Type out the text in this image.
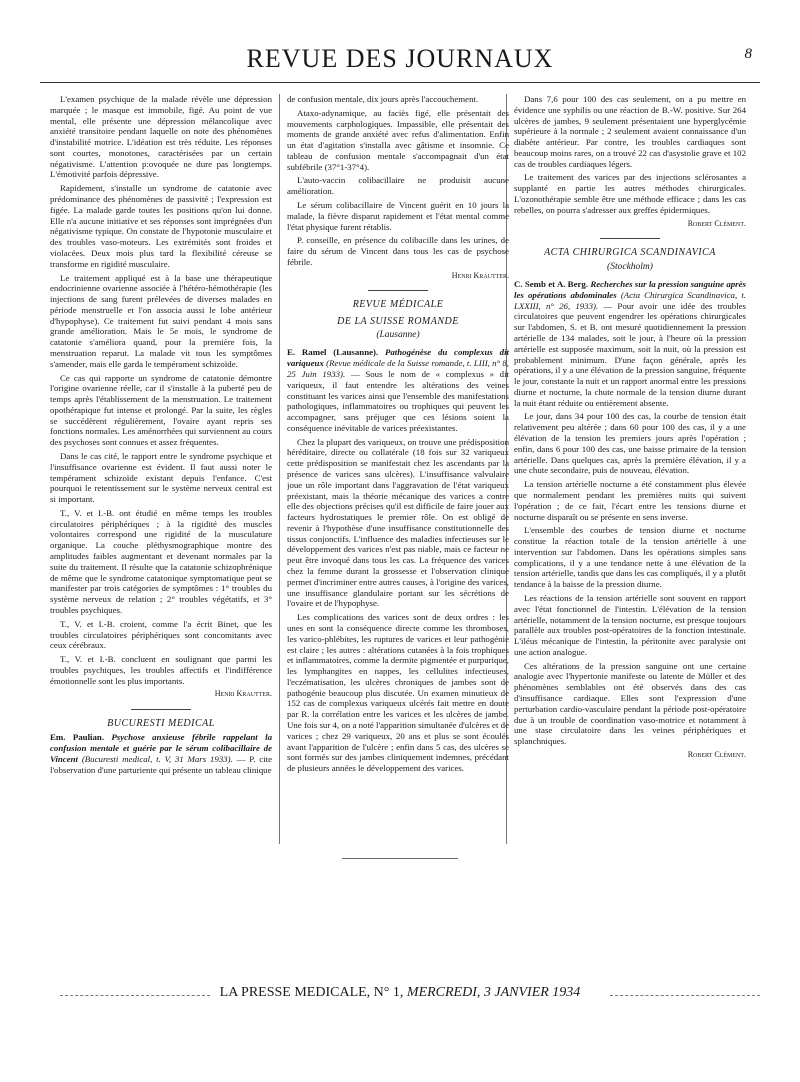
REVUE DES JOURNAUX	8

L'examen psychique de la malade révèle une dépression marquée ; le masque est immobile, figé. Au point de vue mental, elle présente une dépression mélancolique avec anxiété transitoire pendant laquelle on note des phénomènes d'instabilité motrice. L'idéation est très réduite. Les réponses sont courtes, monotones, caractérisées par un certain négativisme. L'attention p:ovoquée ne dure pas longtemps. L'émotivité parfois dépressive.

Rapidement, s'installe un syndrome de catatonie avec prédominance des phénomènes de passivité ; l'expression est figée. La malade garde toutes les positions qu'on lui donne. Elle n'a aucune initiative et ses réponses sont imprégnées d'un négativisme typique. On constate de l'hypotonie musculaire et des troubles vaso-moteurs. Les extrémités sont froides et violacées. Deux mois plus tard la flexibilité céreuse se transforme en rigidité musculaire.

Le traitement appliqué est à la base une thérapeutique endocrinienne ovarienne associée à l'hétéro-hémothérapie (les injections de sang furent prélevées de diverses malades en période menstruelle et l'on associa aussi le lobe antérieur d'hypophyse). Ce traitement fut suivi pendant 4 mois sans grande amélioration. Mais le 5e mois, le syndrome de catatonie s'améliora quand, pour la première fois, la menstruation reparut. La malade vit tous les symptômes s'amender, mais elle garda le tempérament schizoïde.

Ce cas qui rapporte un syndrome de catatonie démontre l'origine ovarienne réelle, car il s'installe à la puberté peu de temps après l'établissement de la menstruation. Le traitement opothérapique fut intense et prolongé. Par la suite, les règles se succédèrent régulièrement, l'ovaire ayant repris ses fonctions normales. Les aménorrhées qui surviennent au cours des psychoses sont connues et assez fréquentes.

Dans le cas cité, le rapport entre le syndrome psychique et l'insuffisance ovarienne est évident. Il faut aussi noter le tempérament schizoïde existant depuis l'enfance. C'est pourquoi le retentissement sur le système nerveux central est si important.

T., V. et I.-B. ont étudié en même temps les troubles circulatoires périphériques ; à la rigidité des muscles volontaires correspond une rigidité de la musculature organique. La couche pléthysmographique montre des amplitudes faibles augmentant et devenant normales par la suite du traitement. Il résulte que la catatonie schizophrénique de même que le syndrome catatonique symptomatique peut se manifester par trois catégories de symptômes : 1° troubles du système nerveux de relation ; 2° troubles végétatifs, et 3° troubles psychiques.

T., V. et I.-B. croient, comme l'a écrit Binet, que les troubles circulatoires périphériques sont concomitants avec ceux cérébraux.

T., V. et I.-B. concluent en soulignant que parmi les troubles psychiques, les troubles affectifs et l'indifférence émotionnelle sont les plus importants.

Henri Krautter.
BUCURESTI MEDICAL

Em. Paulian. Psychose anxieuse fébrile rappelant la confusion mentale et guérie par le sérum colibacillaire de Vincent (Bucuresti medical, t. V, 31 Mars 1933). — P. cite l'observation d'une parturiente qui présente un tableau clinique

de confusion mentale, dix jours après l'accouchement.

Ataxo-adynamique, au faciès figé, elle présentait des mouvements carphologiques. Impassible, elle présentait des moments de grande anxiété avec refus d'alimentation. Enfin un état d'agitation s'installa avec gâtisme et insomnie. Ce tableau de confusion mentale s'accompagnait d'un état subfébrile (37°1-37°4).

L'auto-vaccin colibacillaire ne produisit aucune amélioration.

Le sérum colibacillaire de Vincent guérit en 10 jours la malade, la fièvre disparut rapidement et l'état mental comme l'état physique furent rétablis.

P. conseille, en présence du colibacille dans les urines, de faire du sérum de Vincent dans tous les cas de psychose fébrile.

Henri Krautter.
REVUE MÉDICALE
DE LA SUISSE ROMANDE
(Lausanne)

E. Ramel (Lausanne). Pathogénèse du complexus dit variqueux (Revue médicale de la Suisse romande, t. LIII, n° 8, 25 Juin 1933). — Sous le nom de « complexus » dit variqueux, il faut entendre les altérations des veines constituant les varices ainsi que l'ensemble des manifestations pathologiques, inflammatoires ou trophiques qui peuvent les accompagner, sans préjuger que ces lésions soient la conséquence inévitable de varices préexistantes.

Chez la plupart des variqueux, on trouve une prédisposition héréditaire, directe ou collatérale (18 fois sur 32 variqueux cette prédisposition se manifestait chez les ascendants par la présence de varices sans ulcères). L'insuffisance valvulaire joue un rôle important dans l'aggravation de l'état variqueux préexistant, mais la théorie mécanique des varices a contre elle des objections précises qu'il est difficile de faire jouer aux facteurs hydrostatiques le premier rôle. On est obligé de revenir à l'hypothèse d'une insuffisance constitutionnelle des tissus conjonctifs. L'influence des maladies infectieuses sur le développement des varices n'est pas niable, mais ce facteur ne peut être invoqué dans tous les cas. La fréquence des varices chez la femme durant la grossesse et l'observation clinique permet d'incriminer entre autres causes, à l'origine des varices, une insuffisance glandulaire portant sur les sécrétions de l'ovaire et de l'hypophyse.

Les complications des varices sont de deux ordres : les unes en sont la conséquence directe comme les thromboses, les varico-phlébites, les ruptures de varices et leur pathogénie est claire ; les autres : altérations cutanées à la fois trophiques et inflammatoires, comme la dermite pigmentée et purpurique, les lymphangites en nappes, les cellulites infectieuses, l'eczématisation, les ulcères chroniques de jambes sont de pathogénie beaucoup plus discutée. Un examen minutieux de 152 cas de complexus variqueux ulcérés fait mettre en doute par R. la corrélation entre les varices et les ulcères de jambe. Une fois sur 4, on a noté l'apparition simultanée d'ulcères et de varices ; chez 29 variqueux, 20 ans et plus se sont écoulés avant l'apparition de l'ulcère ; enfin dans 5 cas, des ulcères se sont formés sur des jambes cliniquement indemnes, précédant de plusieurs années le développement des varices.

Dans 7,6 pour 100 des cas seulement, on a pu mettre en évidence une syphilis ou une réaction de B.-W. positive. Sur 264 ulcères de jambes, 9 seulement présentaient une hyperglycémie supérieure à la normale ; 2 seulement avaient connaissance d'un diabète antérieur. Par contre, les troubles cardiaques sont beaucoup moins rares, on a trouvé 22 cas d'asystolie grave et 102 cas de troubles cardiaques légers.

Le traitement des varices par des injections sclérosantes a supplanté en partie les autres méthodes chirurgicales. L'ozonothérapie semble être une méthode efficace ; dans les cas rebelles, on pourra s'adresser aux greffes épidermiques.

Robert Clément.
ACTA CHIRURGICA SCANDINAVICA
(Stockholm)

C. Semb et A. Berg. Recherches sur la pression sanguine après les opérations abdominales (Acta Chirurgica Scandinavica, t. LXXIII, n° 26, 1933). — Pour avoir une idée des troubles circulatoires que peuvent engendrer les opérations chirurgicales sur l'abdomen, S. et B. ont mesuré quotidiennement la pression artérielle de 134 malades, soit le jour, à l'heure où la pression artérielle est supposée maximum, soit la nuit, où la pression est probablement minimum. D'une façon générale, après les opérations, il y a une élévation de la pression sanguine, fréquente le jour, constante la nuit et un rapport anormal entre les pressions diurne et nocturne, la chute normale de la tension diurne durant la nuit étant réduite ou entièrement absente.

Le jour, dans 34 pour 100 des cas, la courbe de tension était relativement peu altérée ; dans 60 pour 100 des cas, il y a une élévation de la tension les premiers jours après l'opération ; enfin, dans 6 pour 100 des cas, une baisse primaire de la tension artérielle. Dans quelques cas, après la première élévation, il y a une chute secondaire, puis de nouveau, élévation.

La tension artérielle nocturne a été constamment plus élevée que normalement pendant les premières nuits qui suivent l'opération ; de ce fait, l'écart entre les tensions diurne et nocturne disparaît ou se présente en sens inverse.

L'ensemble des courbes de tension diurne et nocturne constitue la réaction totale de la tension artérielle à une intervention sur l'abdomen. Dans les opérations simples sans complications, il y a une tendance nette à une élévation de la tension artérielle, tandis que dans les cas compliqués, il y a plutôt tendance à la baisse de la pression diurne.

Les réactions de la tension artérielle sont souvent en rapport avec l'état fonctionnel de l'intestin. L'élévation de la tension artérielle, notamment de la tension nocturne, est presque toujours parallèle aux troubles post-opératoires de la fonction intestinale. L'iléus mécanique de l'intestin, la péritonite avec paralysie ont une action analogue.

Ces altérations de la pression sanguine ont une certaine analogie avec l'hypertonie manifeste ou latente de Müller et des phénomènes semblables ont été observés dans des cas d'insuffisance cardiaque. Elles sont l'expression d'une perturbation cardio-vasculaire pendant la période post-opératoire due à un trouble de coordination vaso-motrice et notamment à une stase circulatoire dans les veines périphériques et splanchniques.

Robert Clément.
LA PRESSE MEDICALE, N° 1, MERCREDI, 3 JANVIER 1934
